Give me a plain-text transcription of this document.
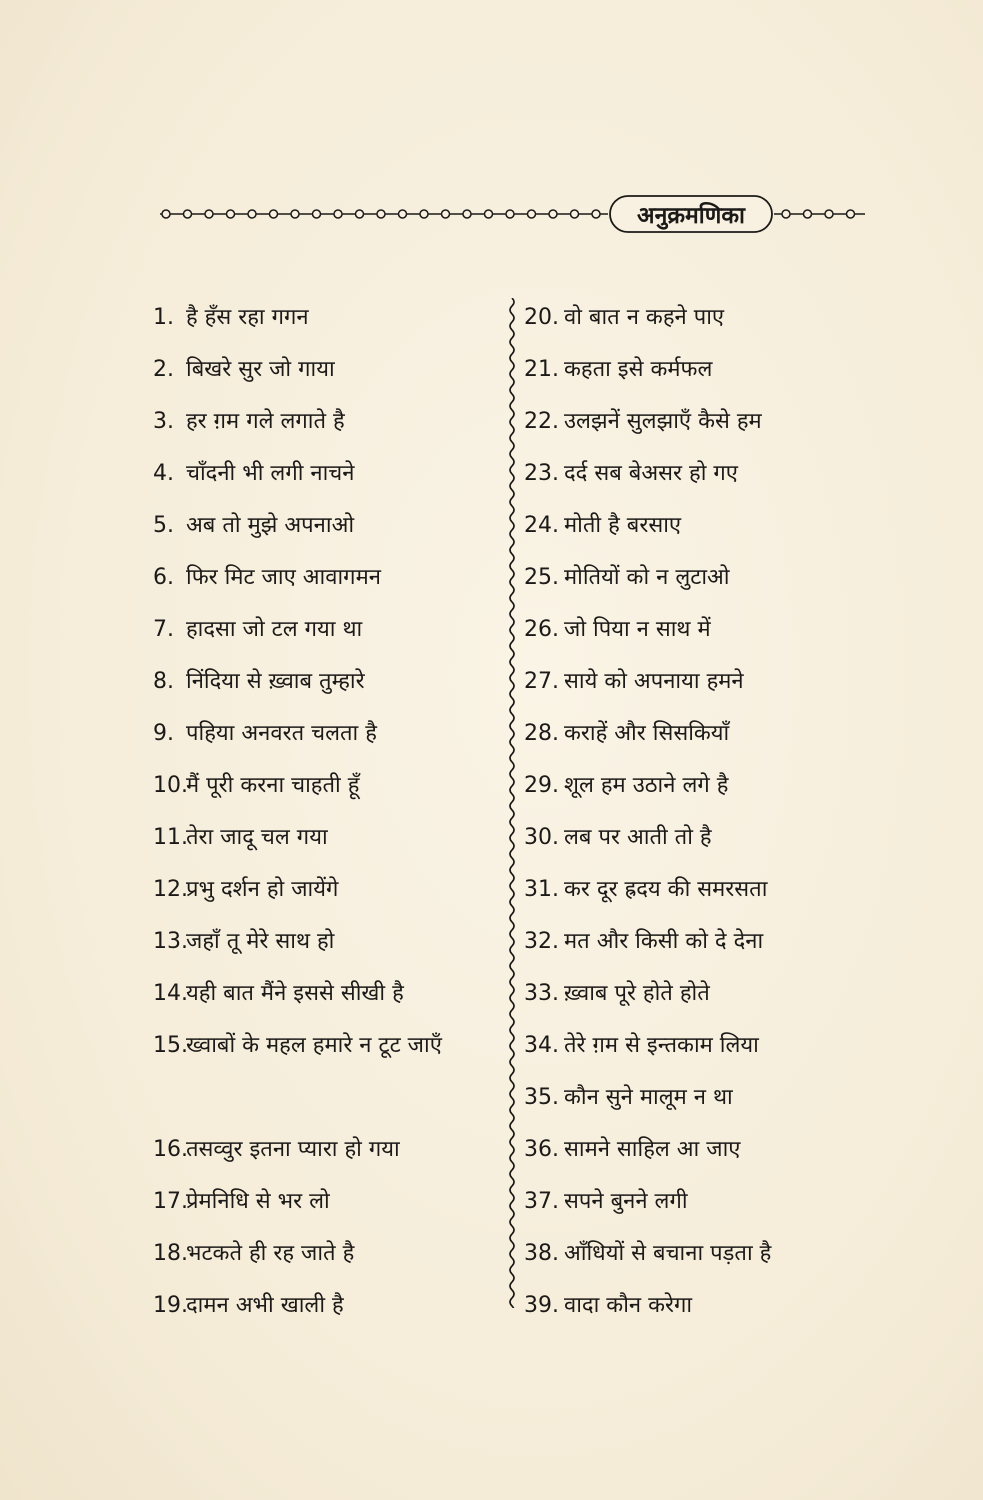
अनुक्रमणिका
1. है हँस रहा गगन
2. बिखरे सुर जो गाया
3. हर ग़म गले लगाते है
4. चाँदनी भी लगी नाचने
5. अब तो मुझे अपनाओ
6. फिर मिट जाए आवागमन
7. हादसा जो टल गया था
8. निंदिया से ख़्वाब तुम्हारे
9. पहिया अनवरत चलता है
10.
मैं पूरी करना चाहती हूँ
11.
तेरा जादू चल गया
12.
प्रभु दर्शन हो जायेंगे
13.
जहाँ तू मेरे साथ हो
14.
यही बात मैंने इससे सीखी है
15.
ख्वाबों के महल हमारे न टूट जाएँ
16.
तसव्वुर इतना प्यारा हो गया
17.
प्रेमनिधि से भर लो
18.
भटकते ही रह जाते है
19.
दामन अभी खाली है
20. वो बात न कहने पाए
21. कहता इसे कर्मफल
22. उलझनें सुलझाएँ कैसे हम
23. दर्द सब बेअसर हो गए
24. मोती है बरसाए
25. मोतियों को न लुटाओ
26. जो पिया न साथ में
27. साये को अपनाया हमने
28. कराहें और सिसकियाँ
29. शूल हम उठाने लगे है
30. लब पर आती तो है
31. कर दूर ह्रदय की समरसता
32. मत और किसी को दे देना
33. ख़्वाब पूरे होते होते
34. तेरे ग़म से इन्तकाम लिया
35. कौन सुने मालूम न था
36. सामने साहिल आ जाए
37. सपने बुनने लगी
38. आँधियों से बचाना पड़ता है
39. वादा कौन करेगा
